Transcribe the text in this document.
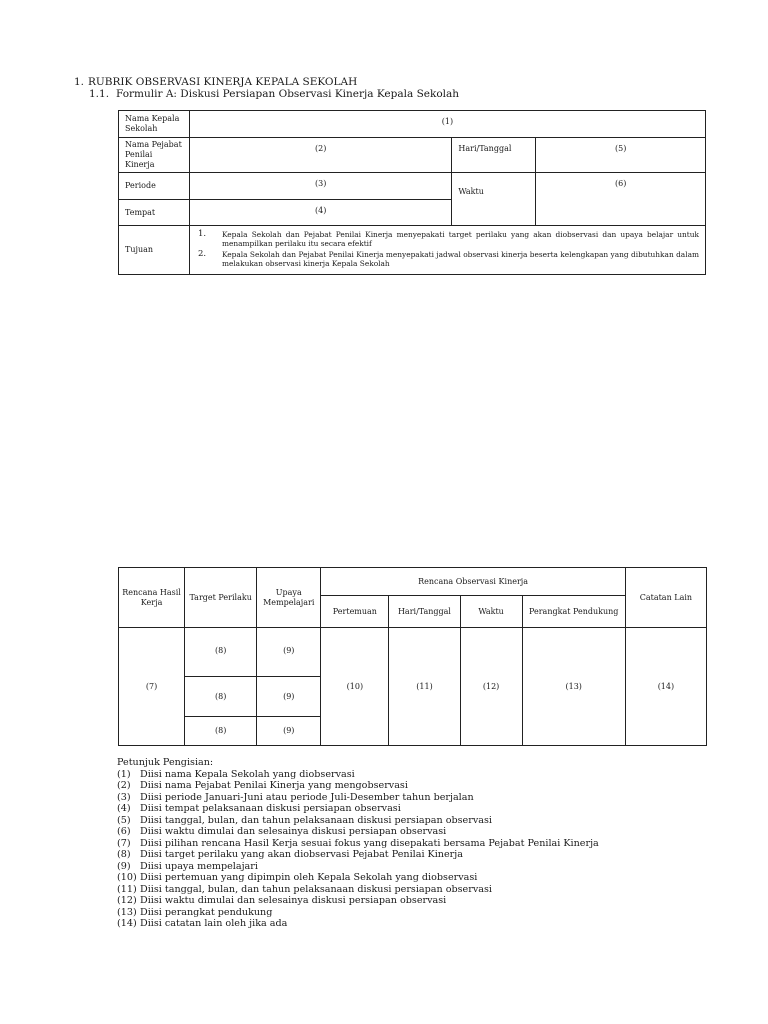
1. RUBRIK OBSERVASI KINERJA KEPALA SEKOLAH
1.1. Formulir A: Diskusi Persiapan Observasi Kinerja Kepala Sekolah
Nama Kepala Sekolah	(1)		
Nama Pejabat Penilai Kinerja	(2)	Hari/Tanggal	(5)
Periode	(3)	Waktu	(6)
Tempat	(4)		
Tujuan	1. Kepala Sekolah dan Pejabat Penilai Kinerja menyepakati target perilaku yang akan diobservasi dan upaya belajar untuk menampilkan perilaku itu secara efektif
2. Kepala Sekolah dan Pejabat Penilai Kinerja menyepakati jadwal observasi kinerja beserta kelengkapan yang dibutuhkan dalam melakukan observasi kinerja Kepala Sekolah		
Rencana Hasil Kerja	Target Perilaku	Upaya Mempelajari	Rencana Observasi Kinerja				Catatan Lain
			Pertemuan	Hari/Tanggal	Waktu	Perangkat Pendukung	
(7)	(8)	(9)	(10)	(11)	(12)	(13)	(14)
	(8)	(9)					
	(8)	(9)					
Petunjuk Pengisian:
(1) Diisi nama Kepala Sekolah yang diobservasi
(2) Diisi nama Pejabat Penilai Kinerja yang mengobservasi
(3) Diisi periode Januari-Juni atau periode Juli-Desember tahun berjalan
(4) Diisi tempat pelaksanaan diskusi persiapan observasi
(5) Diisi tanggal, bulan, dan tahun pelaksanaan diskusi persiapan observasi
(6) Diisi waktu dimulai dan selesainya diskusi persiapan observasi
(7) Diisi pilihan rencana Hasil Kerja sesuai fokus yang disepakati bersama Pejabat Penilai Kinerja
(8) Diisi target perilaku yang akan diobservasi Pejabat Penilai Kinerja
(9) Diisi upaya mempelajari
(10) Diisi pertemuan yang dipimpin oleh Kepala Sekolah yang diobservasi
(11) Diisi tanggal, bulan, dan tahun pelaksanaan diskusi persiapan observasi
(12) Diisi waktu dimulai dan selesainya diskusi persiapan observasi
(13) Diisi perangkat pendukung
(14) Diisi catatan lain oleh jika ada
